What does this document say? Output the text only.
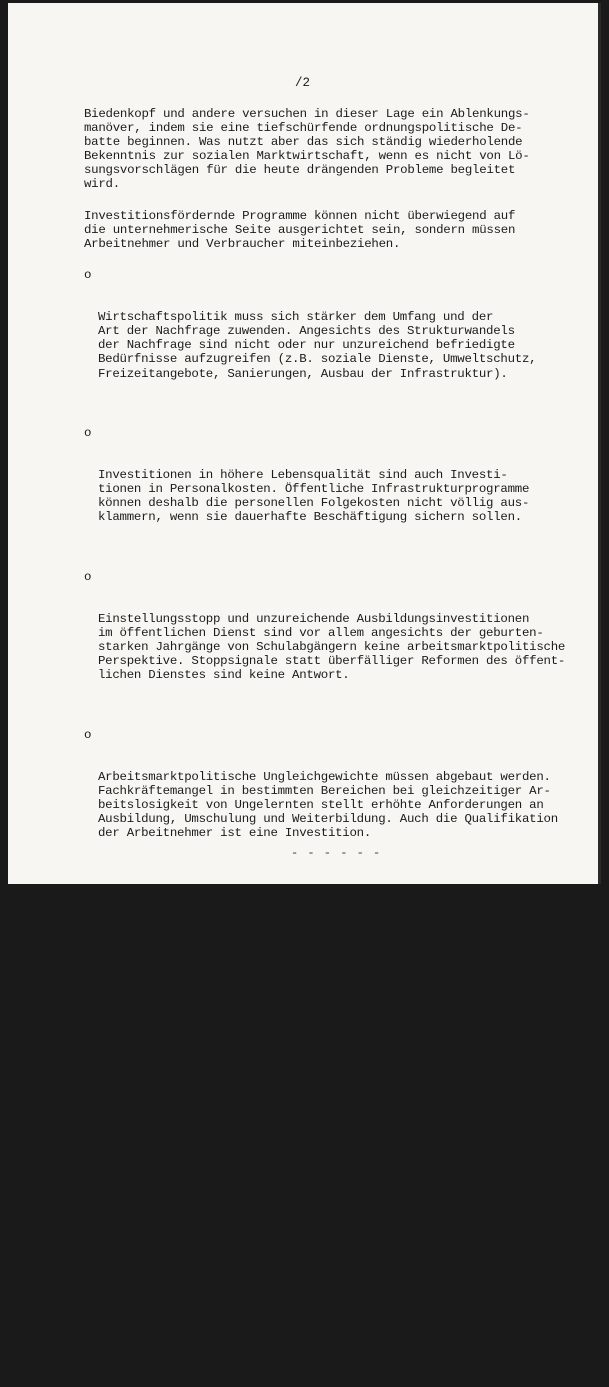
/2

Biedenkopf und andere versuchen in dieser Lage ein Ablenkungs-
manöver, indem sie eine tiefschürfende ordnungspolitische De-
batte beginnen. Was nutzt aber das sich ständig wiederholende
Bekenntnis zur sozialen Marktwirtschaft, wenn es nicht von Lö-
sungsvorschlägen für die heute drängenden Probleme begleitet
wird.

Investitionsfördernde Programme können nicht überwiegend auf
die unternehmerische Seite ausgerichtet sein, sondern müssen
Arbeitnehmer und Verbraucher miteinbeziehen.

o

Wirtschaftspolitik muss sich stärker dem Umfang und der
Art der Nachfrage zuwenden. Angesichts des Strukturwandels
der Nachfrage sind nicht oder nur unzureichend befriedigte
Bedürfnisse aufzugreifen (z.B. soziale Dienste, Umweltschutz,
Freizeitangebote, Sanierungen, Ausbau der Infrastruktur).

o

Investitionen in höhere Lebensqualität sind auch Investi-
tionen in Personalkosten. Öffentliche Infrastrukturprogramme
können deshalb die personellen Folgekosten nicht völlig aus-
klammern, wenn sie dauerhafte Beschäftigung sichern sollen.

o

Einstellungsstopp und unzureichende Ausbildungsinvestitionen
im öffentlichen Dienst sind vor allem angesichts der geburten-
starken Jahrgänge von Schulabgängern keine arbeitsmarktpolitische
Perspektive. Stoppsignale statt überfälliger Reformen des öffent-
lichen Dienstes sind keine Antwort.

o

Arbeitsmarktpolitische Ungleichgewichte müssen abgebaut werden.
Fachkräftemangel in bestimmten Bereichen bei gleichzeitiger Ar-
beitslosigkeit von Ungelernten stellt erhöhte Anforderungen an
Ausbildung, Umschulung und Weiterbildung. Auch die Qualifikation
der Arbeitnehmer ist eine Investition.

o

Langfristig gehört auch die Verkürzung der Arbeitszeit im Jahres-
wie im Lebens- und Arbeitsrhytmus in ein Beschäftigungspolitisches
Konzept.

o

Angesichts der Beziehungen zwischen Arbeitswelt und sozialer
Sicherung ist eine zügige Konsolidierung der Finanzen in der
Renten- und Krankenversicherung notwendig. Das Vertrauen von
Arbeitenden und Rentnern in soziale Zukunft muss gefestigt wer-
den.

Konzentration auf die Beschäftigungspolitik und ihre sozialen Folge-
wirkungen - das heisst nach Auffassung der Arbeitsgemeinschaft für
Arbeitnehmerfragen in der SPD (AfA): Wir müssen auch sozialdemokra-
tische Positionen etwa zu Fragen der gerechten Verteilung von Lei-
stungen, Belastungen und Einkommen,zur Frauenerwerbstätigkeit, zum
Verhältnis zwischen Bildungs- und Beschäftigungssystem, zur Bedeu-
tung der öffentlichen Dienste für Arbeitnehmer deutlich machen.

Ich wiederhole: Der Bedarf an neuen Problemlösungen darf uns nicht
dazu verleiten, einen abstrakten Prinzipien- und Systemstreit zu
führen. Darauf warten die Konservativen nur.

Eine Politik der konkreten Schritte, die sich an den Interessen der
Arbeitnehmer orientiert - darauf kommt es an. Dies würde auch die
Beziehungen zu den Gewerkschaften stärken.

- - - - - -
